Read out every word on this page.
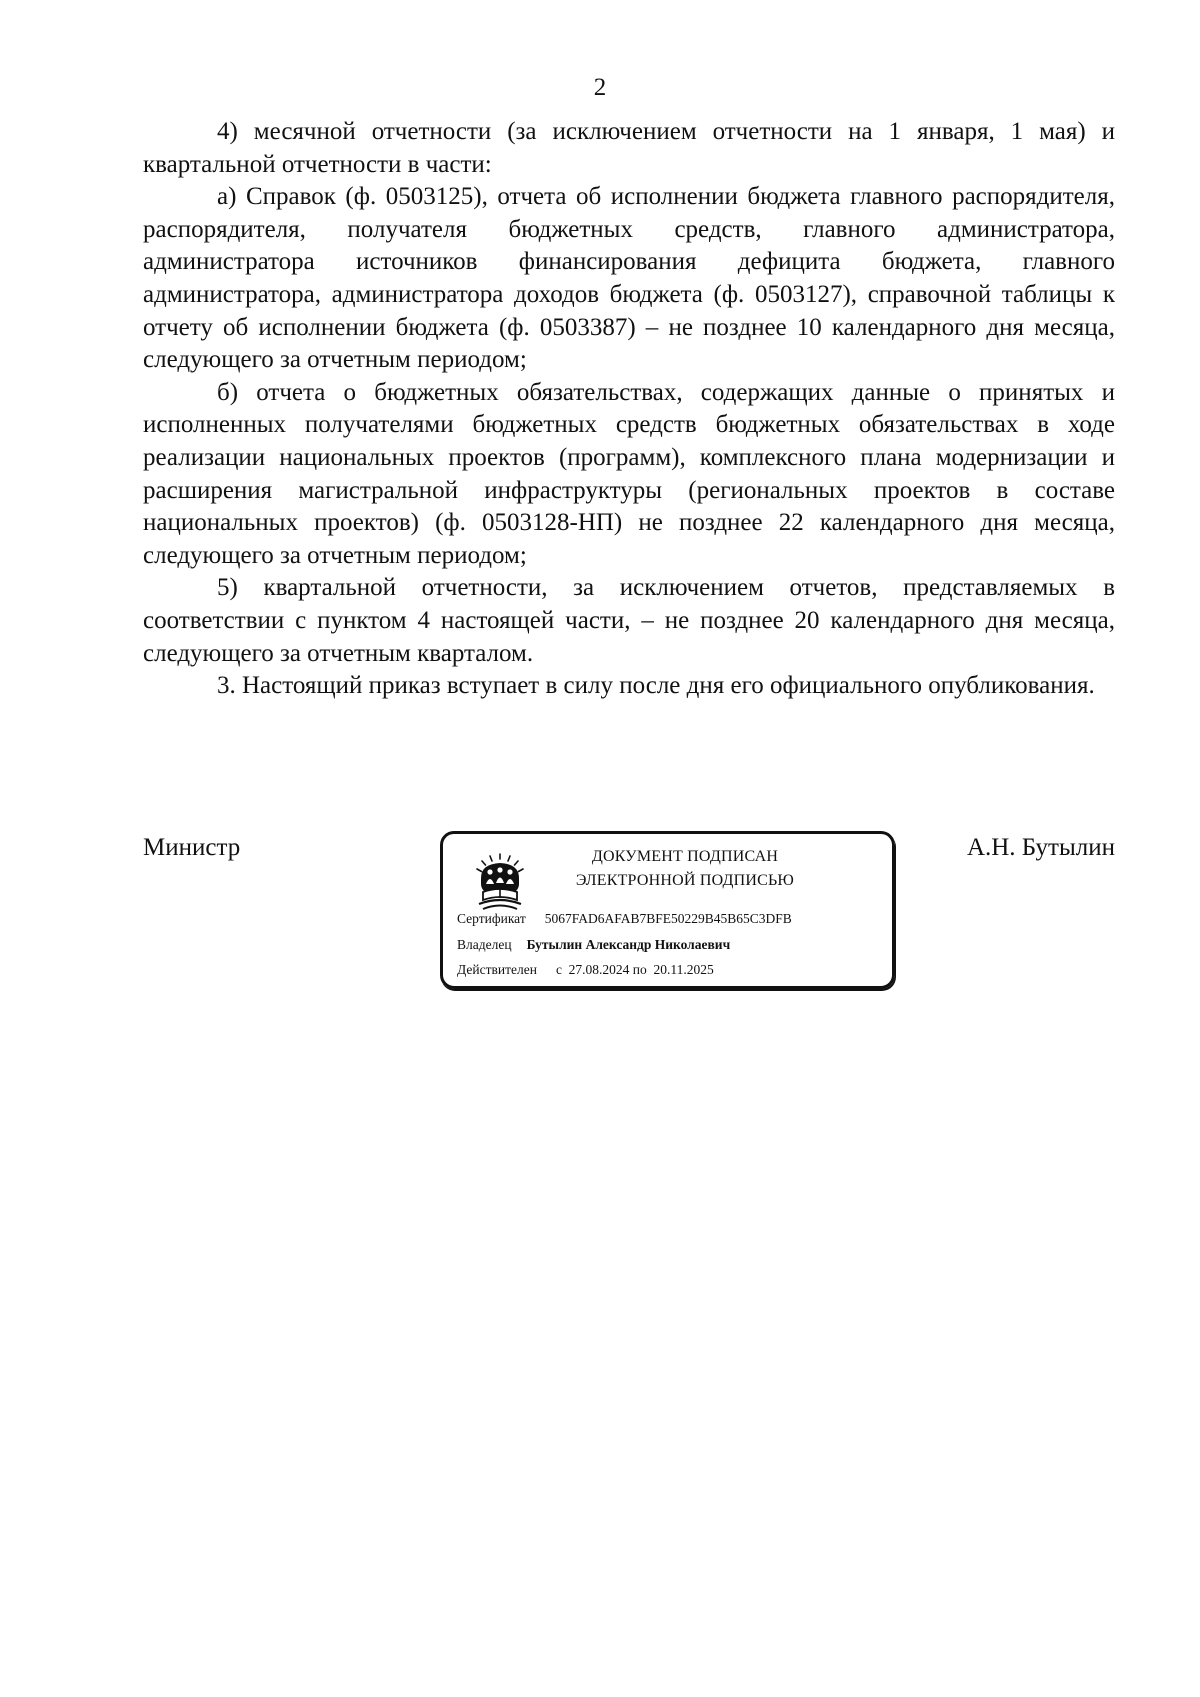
2

4) месячной отчетности (за исключением отчетности на 1 января, 1 мая) и квартальной отчетности в части:

а) Справок (ф. 0503125), отчета об исполнении бюджета главного распорядителя, распорядителя, получателя бюджетных средств, главного администратора, администратора источников финансирования дефицита бюджета, главного администратора, администратора доходов бюджета (ф. 0503127), справочной таблицы к отчету об исполнении бюджета (ф. 0503387) – не позднее 10 календарного дня месяца, следующего за отчетным периодом;

б) отчета о бюджетных обязательствах, содержащих данные о принятых и исполненных получателями бюджетных средств бюджетных обязательствах в ходе реализации национальных проектов (программ), комплексного плана модернизации и расширения магистральной инфраструктуры (региональных проектов в составе национальных проектов) (ф. 0503128-НП) не позднее 22 календарного дня месяца, следующего за отчетным периодом;

5) квартальной отчетности, за исключением отчетов, представляемых в соответствии с пунктом 4 настоящей части, – не позднее 20 календарного дня месяца, следующего за отчетным кварталом.

3. Настоящий приказ вступает в силу после дня его официального опубликования.

Министр	ДОКУМЕНТ ПОДПИСАН
ЭЛЕКТРОННОЙ ПОДПИСЬЮ
Сертификат 5067FAD6AFAB7BFE50229B45B65C3DFB
Владелец Бутылин Александр Николаевич
Действителен с  27.08.2024 по  20.11.2025

А.Н. Бутылин
